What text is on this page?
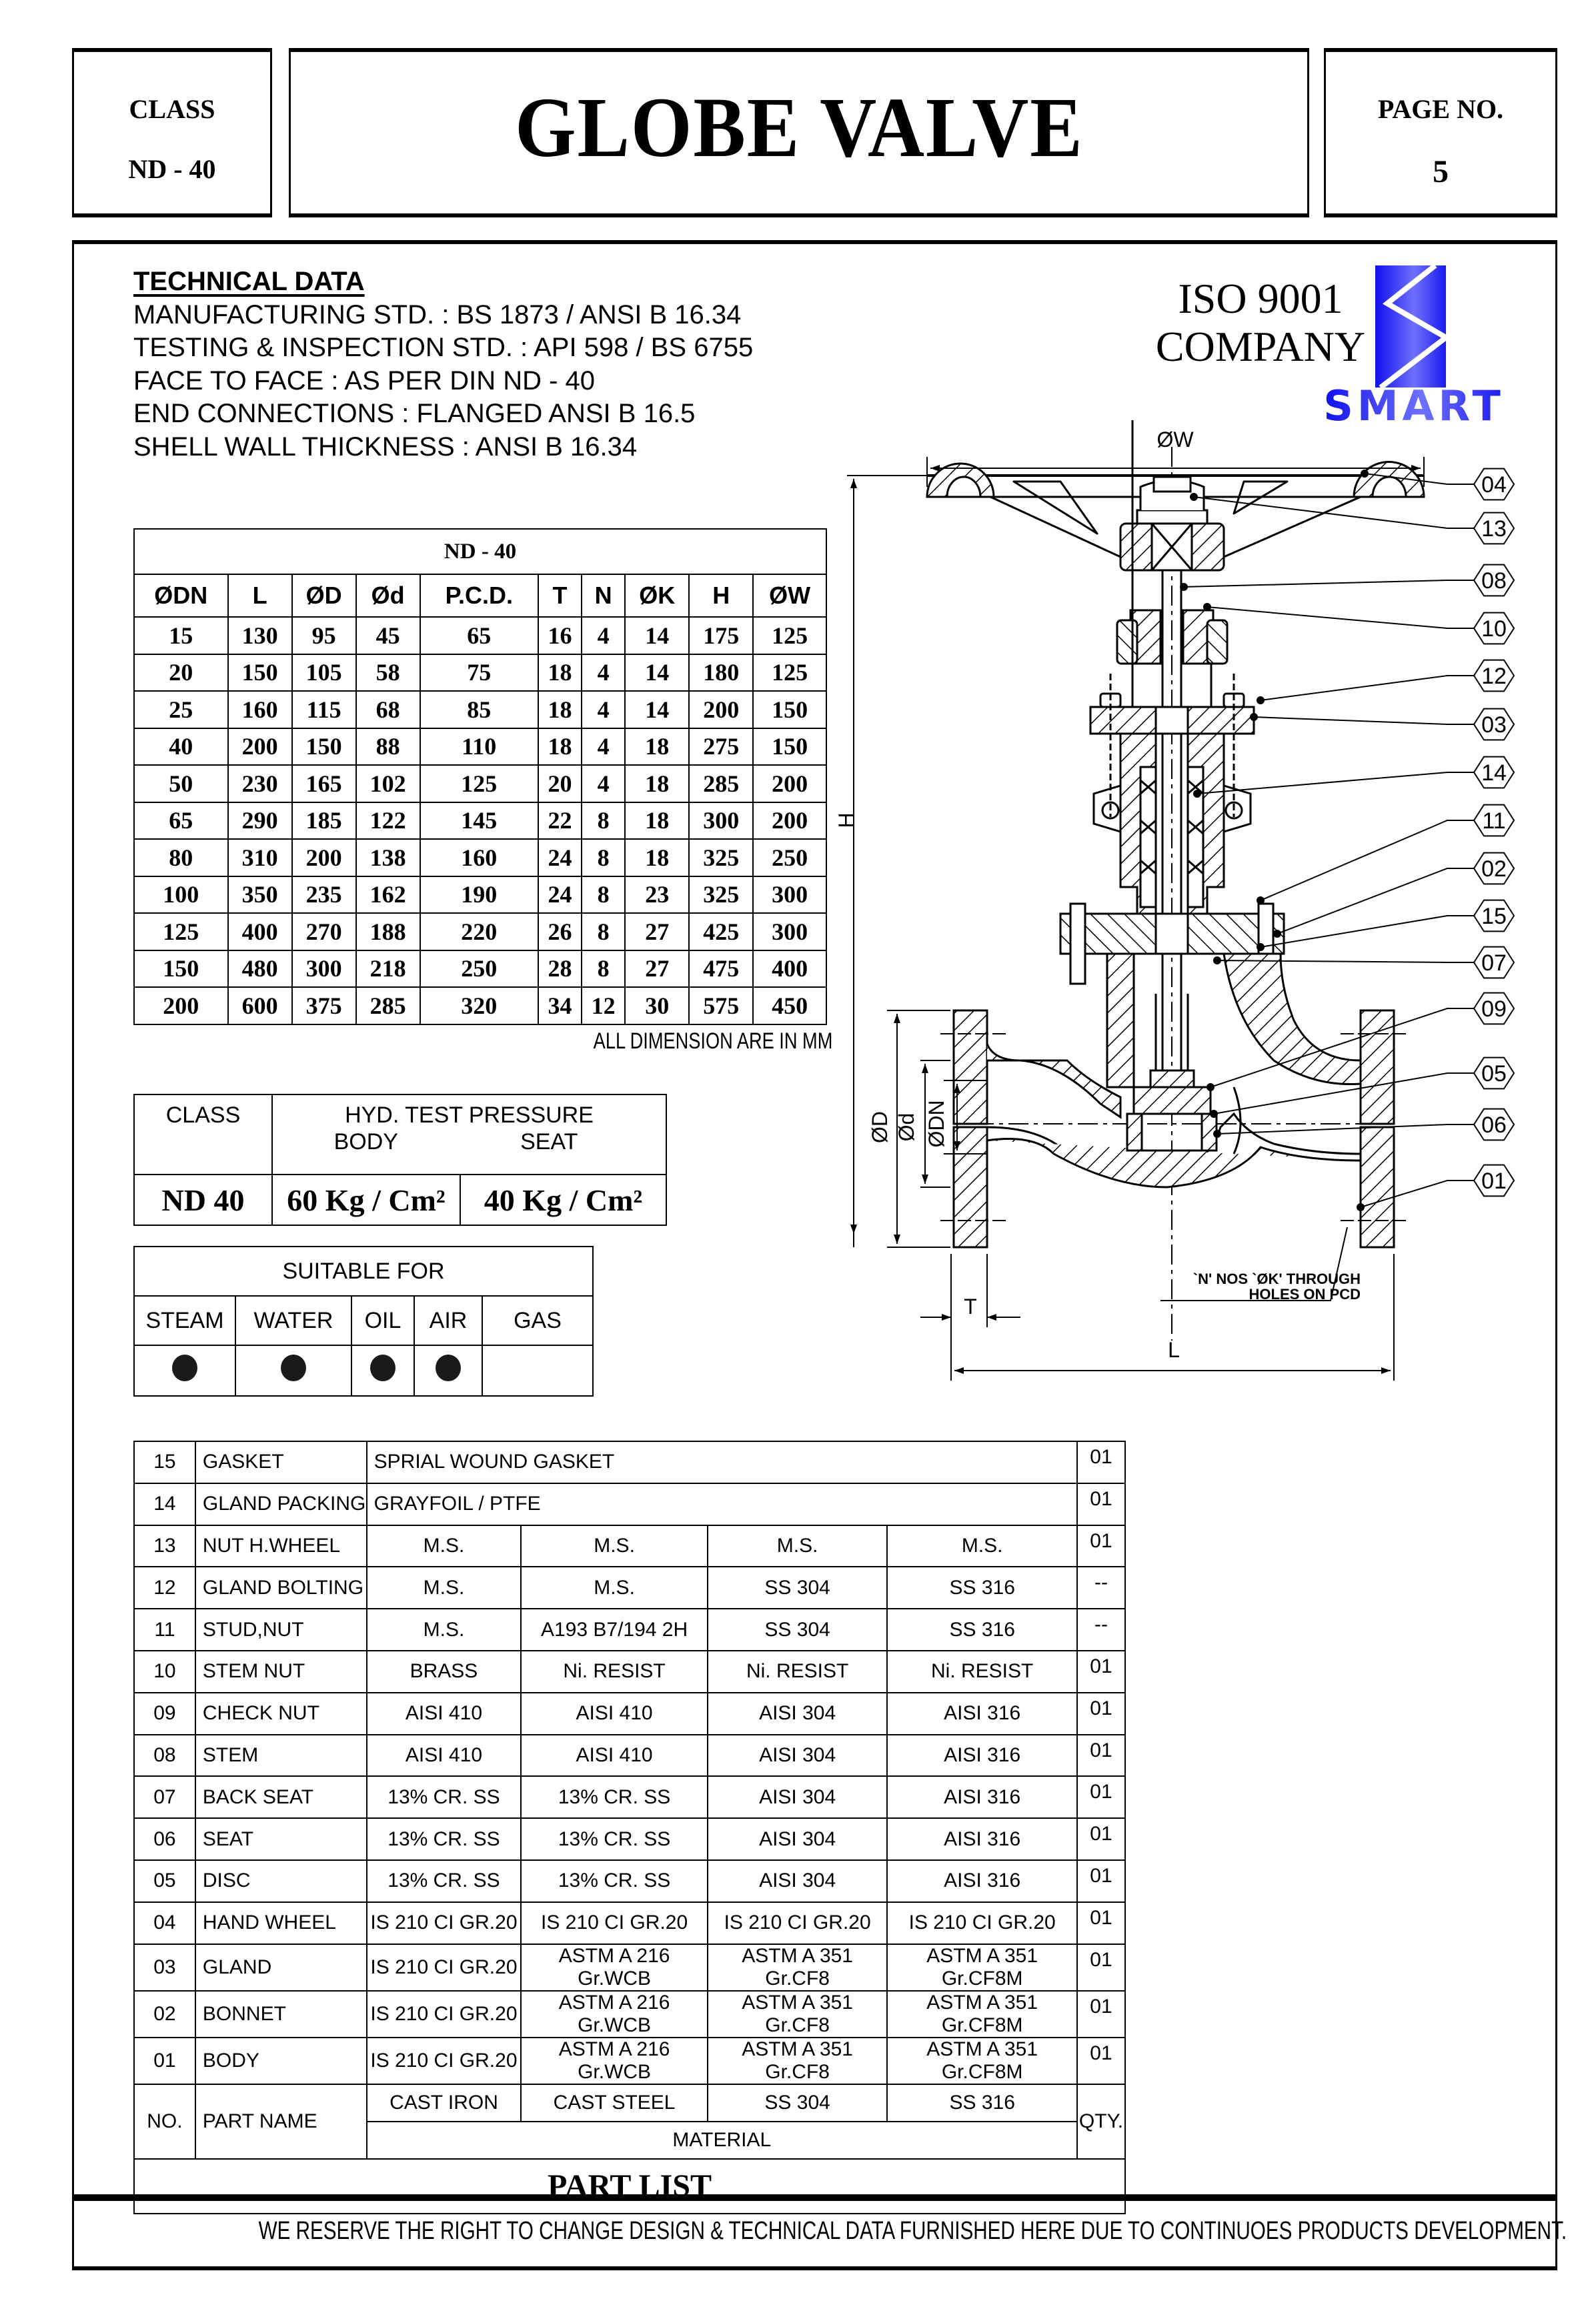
CLASS
ND - 40	GLOBE VALVE	PAGE NO.
5
TECHNICAL DATA
MANUFACTURING STD. : BS 1873 / ANSI B 16.34
TESTING & INSPECTION STD. : API 598 / BS 6755
FACE TO FACE : AS PER DIN ND - 40
END CONNECTIONS : FLANGED ANSI B 16.5
SHELL WALL THICKNESS : ANSI B 16.34
ISO 9001
COMPANY
SMART
ND - 40									
ØDN	L	ØD	Ød	P.C.D.	T	N	ØK	H	ØW
15	130	95	45	65	16	4	14	175	125
20	150	105	58	75	18	4	14	180	125
25	160	115	68	85	18	4	14	200	150
40	200	150	88	110	18	4	18	275	150
50	230	165	102	125	20	4	18	285	200
65	290	185	122	145	22	8	18	300	200
80	310	200	138	160	24	8	18	325	250
100	350	235	162	190	24	8	23	325	300
125	400	270	188	220	26	8	27	425	300
150	480	300	218	250	28	8	27	475	400
200	600	375	285	320	34	12	30	575	450
ALL DIMENSION ARE IN MM
CLASS	HYD. TEST PRESSURE
BODY SEAT	

ND 40	60 Kg / Cm²	40 Kg / Cm²
SUITABLE FOR				
STEAM	WATER	OIL	AIR	GAS

15	GASKET	SPRIAL WOUND GASKET				01
14	GLAND PACKING	GRAYFOIL / PTFE				01
13	NUT H.WHEEL	M.S.	M.S.	M.S.	M.S.	01
12	GLAND BOLTING	M.S.	M.S.	SS 304	SS 316	--
11	STUD,NUT	M.S.	A193 B7/194 2H	SS 304	SS 316	--
10	STEM NUT	BRASS	Ni. RESIST	Ni. RESIST	Ni. RESIST	01
09	CHECK NUT	AISI 410	AISI 410	AISI 304	AISI 316	01
08	STEM	AISI 410	AISI 410	AISI 304	AISI 316	01
07	BACK SEAT	13% CR. SS	13% CR. SS	AISI 304	AISI 316	01
06	SEAT	13% CR. SS	13% CR. SS	AISI 304	AISI 316	01
05	DISC	13% CR. SS	13% CR. SS	AISI 304	AISI 316	01
04	HAND WHEEL	IS 210 CI GR.20	IS 210 CI GR.20	IS 210 CI GR.20	IS 210 CI GR.20	01
03	GLAND	IS 210 CI GR.20	ASTM A 216 Gr.WCB	ASTM A 351 Gr.CF8	ASTM A 351 Gr.CF8M	01
02	BONNET	IS 210 CI GR.20	ASTM A 216 Gr.WCB	ASTM A 351 Gr.CF8	ASTM A 351 Gr.CF8M	01
01	BODY	IS 210 CI GR.20	ASTM A 216 Gr.WCB	ASTM A 351 Gr.CF8	ASTM A 351 Gr.CF8M	01
NO.	PART NAME	CAST IRON	CAST STEEL	SS 304	SS 316	QTY.
		MATERIAL				
PART LIST						
ØW
H
ØD Ød ØDN
T
L
`N' NOS `ØK' THROUGH
HOLES ON PCD
04
13
08
10
12
03
14
11
02
15
07
09
05
06
01
WE RESERVE THE RIGHT TO CHANGE DESIGN & TECHNICAL DATA FURNISHED HERE DUE TO CONTINUOES PRODUCTS DEVELOPMENT.
